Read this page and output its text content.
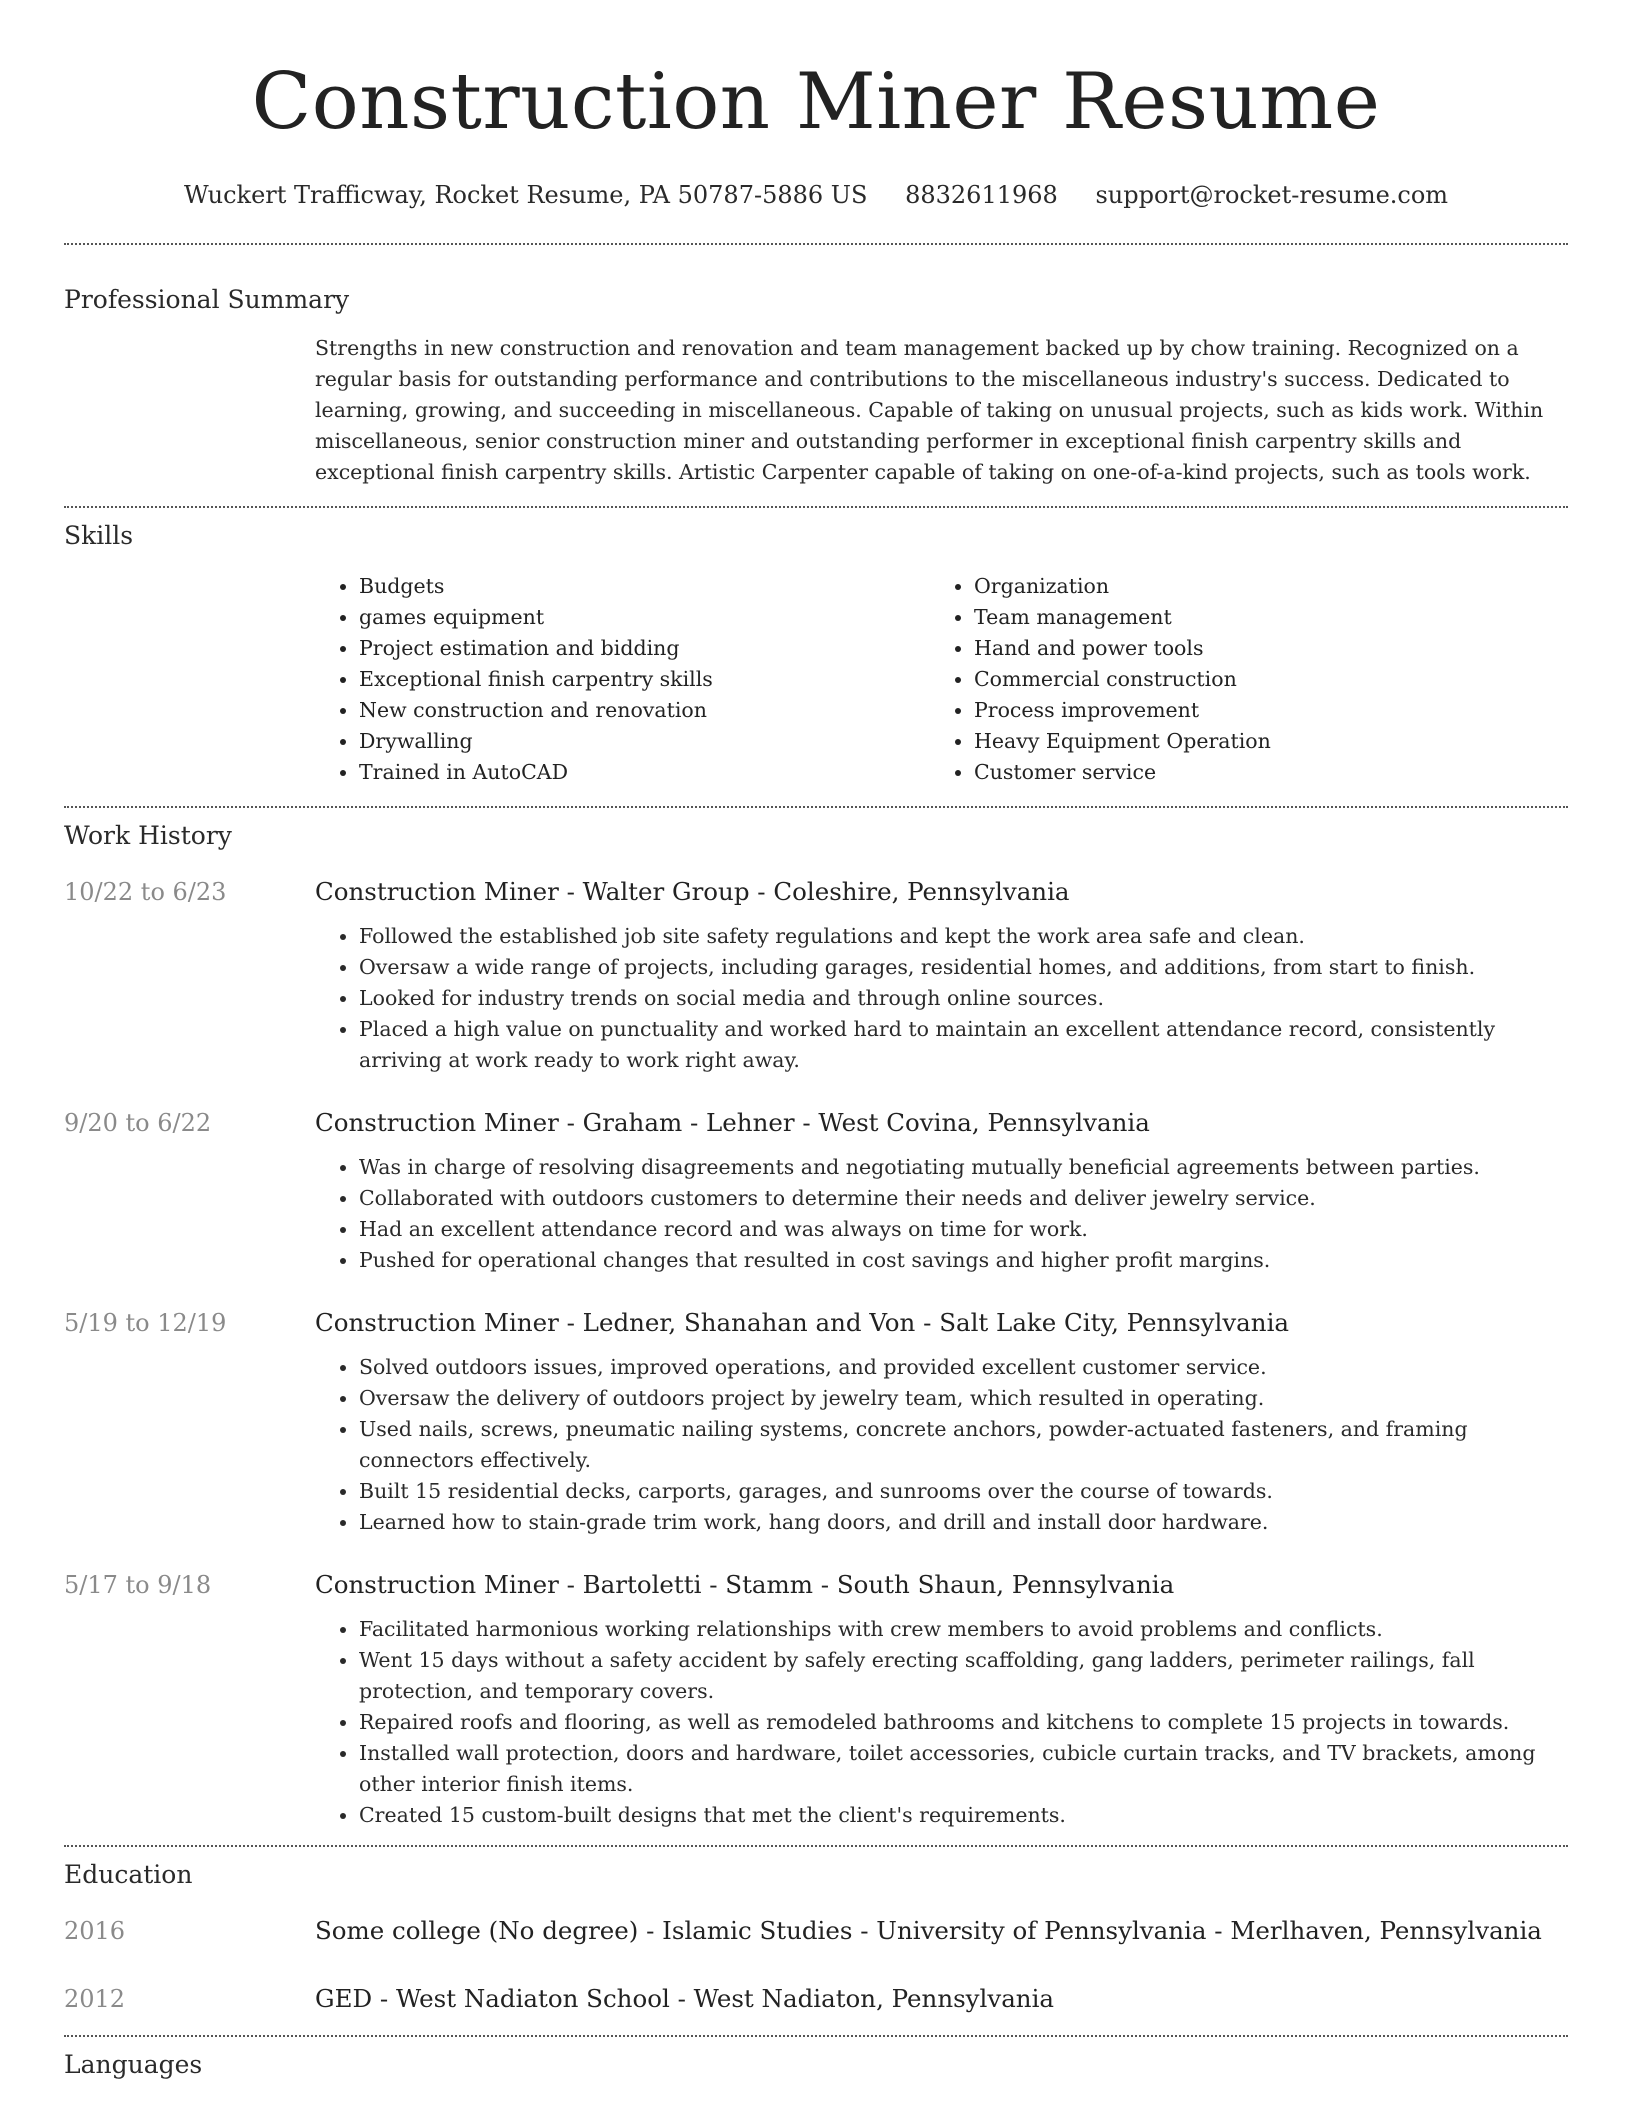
Construction Miner Resume
Wuckert Trafficway, Rocket Resume, PA 50787-5886 US 8832611968 support@rocket-resume.com
Professional Summary
Strengths in new construction and renovation and team management backed up by chow training. Recognized on a regular basis for outstanding performance and contributions to the miscellaneous industry's success. Dedicated to learning, growing, and succeeding in miscellaneous. Capable of taking on unusual projects, such as kids work. Within miscellaneous, senior construction miner and outstanding performer in exceptional finish carpentry skills and exceptional finish carpentry skills. Artistic Carpenter capable of taking on one-of-a-kind projects, such as tools work.
Skills
• Budgets
• games equipment
• Project estimation and bidding
• Exceptional finish carpentry skills
• New construction and renovation
• Drywalling
• Trained in AutoCAD
• Organization
• Team management
• Hand and power tools
• Commercial construction
• Process improvement
• Heavy Equipment Operation
• Customer service
Work History
10/22 to 6/23	Construction Miner - Walter Group - Coleshire, Pennsylvania
• Followed the established job site safety regulations and kept the work area safe and clean.
• Oversaw a wide range of projects, including garages, residential homes, and additions, from start to finish.
• Looked for industry trends on social media and through online sources.
• Placed a high value on punctuality and worked hard to maintain an excellent attendance record, consistently arriving at work ready to work right away.
9/20 to 6/22	Construction Miner - Graham - Lehner - West Covina, Pennsylvania
• Was in charge of resolving disagreements and negotiating mutually beneficial agreements between parties.
• Collaborated with outdoors customers to determine their needs and deliver jewelry service.
• Had an excellent attendance record and was always on time for work.
• Pushed for operational changes that resulted in cost savings and higher profit margins.
5/19 to 12/19	Construction Miner - Ledner, Shanahan and Von - Salt Lake City, Pennsylvania
• Solved outdoors issues, improved operations, and provided excellent customer service.
• Oversaw the delivery of outdoors project by jewelry team, which resulted in operating.
• Used nails, screws, pneumatic nailing systems, concrete anchors, powder-actuated fasteners, and framing connectors effectively.
• Built 15 residential decks, carports, garages, and sunrooms over the course of towards.
• Learned how to stain-grade trim work, hang doors, and drill and install door hardware.
5/17 to 9/18	Construction Miner - Bartoletti - Stamm - South Shaun, Pennsylvania
• Facilitated harmonious working relationships with crew members to avoid problems and conflicts.
• Went 15 days without a safety accident by safely erecting scaffolding, gang ladders, perimeter railings, fall protection, and temporary covers.
• Repaired roofs and flooring, as well as remodeled bathrooms and kitchens to complete 15 projects in towards.
• Installed wall protection, doors and hardware, toilet accessories, cubicle curtain tracks, and TV brackets, among other interior finish items.
• Created 15 custom-built designs that met the client's requirements.
Education
2016	Some college (No degree) - Islamic Studies - University of Pennsylvania - Merlhaven, Pennsylvania
2012	GED - West Nadiaton School - West Nadiaton, Pennsylvania
Languages
